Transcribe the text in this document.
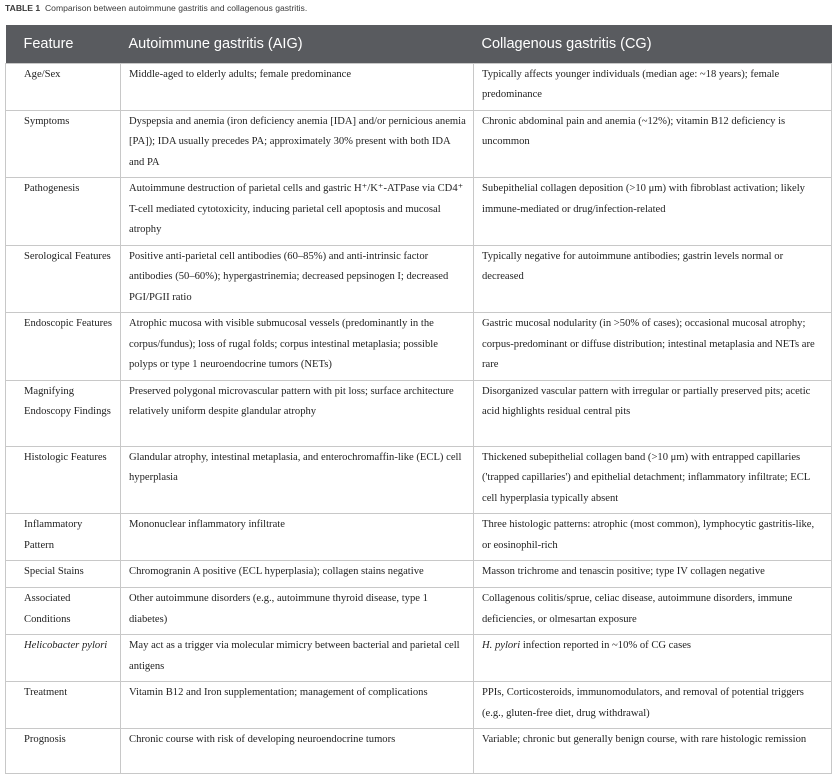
TABLE 1 Comparison between autoimmune gastritis and collagenous gastritis.
Feature	Autoimmune gastritis (AIG)	Collagenous gastritis (CG)
Age/Sex	Middle-aged to elderly adults; female predominance	Typically affects younger individuals (median age: ~18 years); female predominance
Symptoms	Dyspepsia and anemia (iron deficiency anemia [IDA] and/or pernicious anemia [PA]); IDA usually precedes PA; approximately 30% present with both IDA and PA	Chronic abdominal pain and anemia (~12%); vitamin B12 deficiency is uncommon
Pathogenesis	Autoimmune destruction of parietal cells and gastric H⁺/K⁺-ATPase via CD4⁺ T-cell mediated cytotoxicity, inducing parietal cell apoptosis and mucosal atrophy	Subepithelial collagen deposition (>10 μm) with fibroblast activation; likely immune-mediated or drug/infection-related
Serological Features	Positive anti-parietal cell antibodies (60–85%) and anti-intrinsic factor antibodies (50–60%); hypergastrinemia; decreased pepsinogen I; decreased PGI/PGII ratio	Typically negative for autoimmune antibodies; gastrin levels normal or decreased
Endoscopic Features	Atrophic mucosa with visible submucosal vessels (predominantly in the corpus/fundus); loss of rugal folds; corpus intestinal metaplasia; possible polyps or type 1 neuroendocrine tumors (NETs)	Gastric mucosal nodularity (in >50% of cases); occasional mucosal atrophy; corpus-predominant or diffuse distribution; intestinal metaplasia and NETs are rare
Magnifying Endoscopy Findings	Preserved polygonal microvascular pattern with pit loss; surface architecture relatively uniform despite glandular atrophy	Disorganized vascular pattern with irregular or partially preserved pits; acetic acid highlights residual central pits
Histologic Features	Glandular atrophy, intestinal metaplasia, and enterochromaffin-like (ECL) cell hyperplasia	Thickened subepithelial collagen band (>10 μm) with entrapped capillaries ('trapped capillaries') and epithelial detachment; inflammatory infiltrate; ECL cell hyperplasia typically absent
Inflammatory Pattern	Mononuclear inflammatory infiltrate	Three histologic patterns: atrophic (most common), lymphocytic gastritis-like, or eosinophil-rich
Special Stains	Chromogranin A positive (ECL hyperplasia); collagen stains negative	Masson trichrome and tenascin positive; type IV collagen negative
Associated Conditions	Other autoimmune disorders (e.g., autoimmune thyroid disease, type 1 diabetes)	Collagenous colitis/sprue, celiac disease, autoimmune disorders, immune deficiencies, or olmesartan exposure
Helicobacter pylori	May act as a trigger via molecular mimicry between bacterial and parietal cell antigens	H. pylori infection reported in ~10% of CG cases
Treatment	Vitamin B12 and Iron supplementation; management of complications	PPIs, Corticosteroids, immunomodulators, and removal of potential triggers (e.g., gluten-free diet, drug withdrawal)
Prognosis	Chronic course with risk of developing neuroendocrine tumors	Variable; chronic but generally benign course, with rare histologic remission
